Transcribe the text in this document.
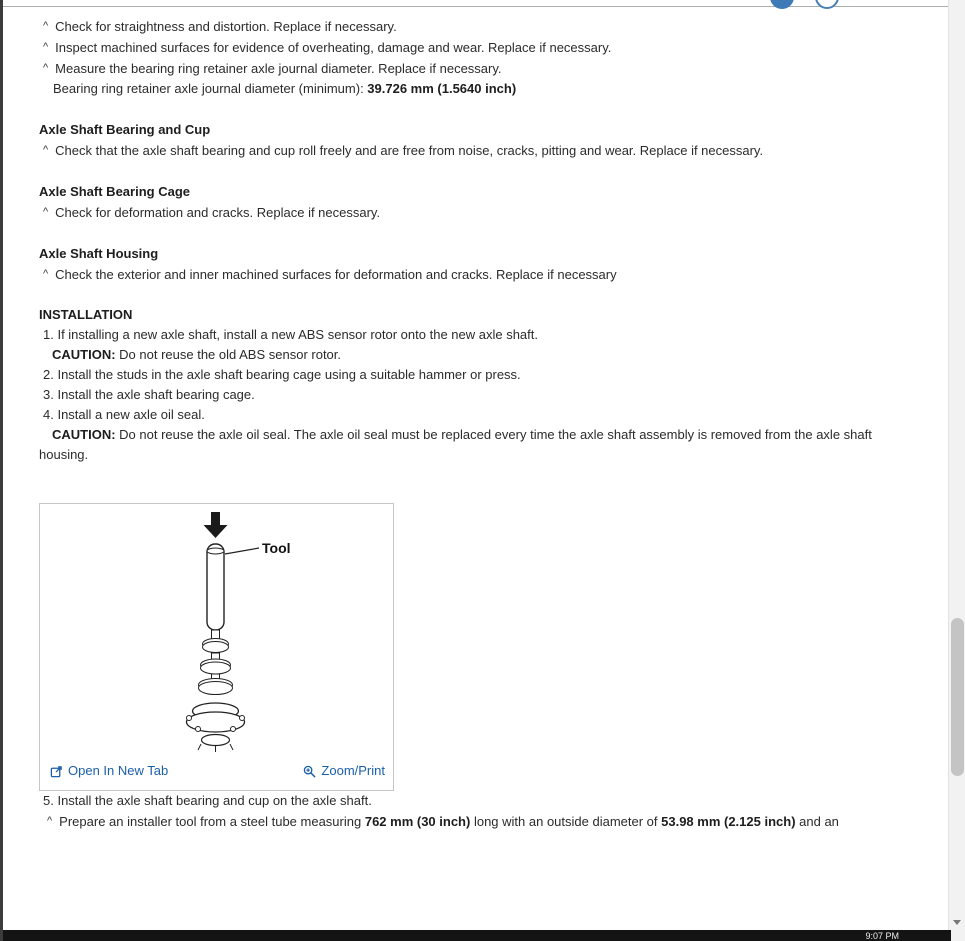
^ Check for straightness and distortion. Replace if necessary.

^ Inspect machined surfaces for evidence of overheating, damage and wear. Replace if necessary.

^ Measure the bearing ring retainer axle journal diameter. Replace if necessary.

Bearing ring retainer axle journal diameter (minimum): 39.726 mm (1.5640 inch)

Axle Shaft Bearing and Cup

^ Check that the axle shaft bearing and cup roll freely and are free from noise, cracks, pitting and wear. Replace if necessary.

Axle Shaft Bearing Cage

^ Check for deformation and cracks. Replace if necessary.

Axle Shaft Housing

^ Check the exterior and inner machined surfaces for deformation and cracks. Replace if necessary

INSTALLATION

1. If installing a new axle shaft, install a new ABS sensor rotor onto the new axle shaft.

CAUTION: Do not reuse the old ABS sensor rotor.

2. Install the studs in the axle shaft bearing cage using a suitable hammer or press.

3. Install the axle shaft bearing cage.

4. Install a new axle oil seal.

CAUTION: Do not reuse the axle oil seal. The axle oil seal must be replaced every time the axle shaft assembly is removed from the axle shaft housing.

Tool
Open In New Tab	Zoom/Print

5. Install the axle shaft bearing and cup on the axle shaft.

^ Prepare an installer tool from a steel tube measuring 762 mm (30 inch) long with an outside diameter of 53.98 mm (2.125 inch) and an

9:07 PM
